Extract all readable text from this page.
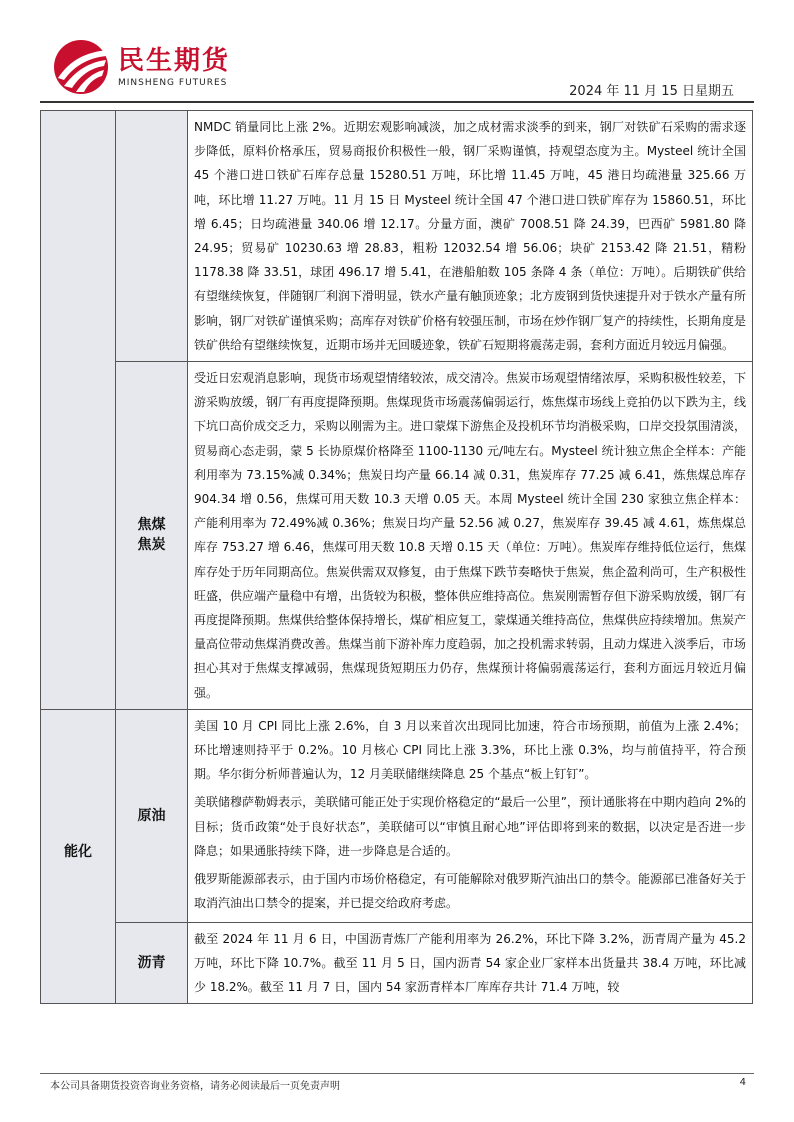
民生期货
MINSHENG FUTURES
2024 年 11 月 15 日星期五

		NMDC 销量同比上涨 2%。近期宏观影响减淡，加之成材需求淡季的到来，钢厂对铁矿石采购的需求逐步降低，原料价格承压，贸易商报价积极性一般，钢厂采购谨慎，持观望态度为主。Mysteel 统计全国 45 个港口进口铁矿石库存总量 15280.51 万吨，环比增 11.45 万吨，45 港日均疏港量 325.66 万吨，环比增 11.27 万吨。11 月 15 日 Mysteel 统计全国 47 个港口进口铁矿库存为 15860.51，环比增 6.45；日均疏港量 340.06 增 12.17。分量方面，澳矿 7008.51 降 24.39，巴西矿 5981.80 降 24.95；贸易矿 10230.63 增 28.83，粗粉 12032.54 增 56.06；块矿 2153.42 降 21.51，精粉 1178.38 降 33.51，球团 496.17 增 5.41，在港船舶数 105 条降 4 条（单位：万吨）。后期铁矿供给有望继续恢复，伴随钢厂利润下滑明显，铁水产量有触顶迹象；北方废钢到货快速提升对于铁水产量有所影响，钢厂对铁矿谨慎采购；高库存对铁矿价格有较强压制，市场在炒作钢厂复产的持续性，长期角度是铁矿供给有望继续恢复，近期市场并无回暖迹象，铁矿石短期将震荡走弱，套利方面近月较远月偏强。

	焦煤
焦炭	受近日宏观消息影响，现货市场观望情绪较浓，成交清冷。焦炭市场观望情绪浓厚，采购积极性较差，下游采购放缓，钢厂有再度提降预期。焦煤现货市场震荡偏弱运行，炼焦煤市场线上竞拍仍以下跌为主，线下坑口高价成交乏力，采购以刚需为主。进口蒙煤下游焦企及投机环节均消极采购，口岸交投氛围清淡，贸易商心态走弱，蒙 5 长协原煤价格降至 1100-1130 元/吨左右。Mysteel 统计独立焦企全样本：产能利用率为 73.15%减 0.34%；焦炭日均产量 66.14 减 0.31，焦炭库存 77.25 减 6.41，炼焦煤总库存 904.34 增 0.56，焦煤可用天数 10.3 天增 0.05 天。本周 Mysteel 统计全国 230 家独立焦企样本：产能利用率为 72.49%减 0.36%；焦炭日均产量 52.56 减 0.27，焦炭库存 39.45 减 4.61，炼焦煤总库存 753.27 增 6.46，焦煤可用天数 10.8 天增 0.15 天（单位：万吨）。焦炭库存维持低位运行，焦煤库存处于历年同期高位。焦炭供需双双修复，由于焦煤下跌节奏略快于焦炭，焦企盈利尚可，生产积极性旺盛，供应端产量稳中有增，出货较为积极，整体供应维持高位。焦炭刚需暂存但下游采购放缓，钢厂有再度提降预期。焦煤供给整体保持增长，煤矿相应复工，蒙煤通关维持高位，焦煤供应持续增加。焦炭产量高位带动焦煤消费改善。焦煤当前下游补库力度趋弱，加之投机需求转弱，且动力煤进入淡季后，市场担心其对于焦煤支撑减弱，焦煤现货短期压力仍存，焦煤预计将偏弱震荡运行，套利方面远月较近月偏强。

能化	原油	美国 10 月 CPI 同比上涨 2.6%，自 3 月以来首次出现同比加速，符合市场预期，前值为上涨 2.4%；环比增速则持平于 0.2%。10 月核心 CPI 同比上涨 3.3%，环比上涨 0.3%，均与前值持平，符合预期。华尔街分析师普遍认为，12 月美联储继续降息 25 个基点“板上钉钉”。

美联储穆萨勒姆表示，美联储可能正处于实现价格稳定的“最后一公里”，预计通胀将在中期内趋向 2%的目标；货币政策“处于良好状态”，美联储可以“审慎且耐心地”评估即将到来的数据，以决定是否进一步降息；如果通胀持续下降，进一步降息是合适的。

俄罗斯能源部表示，由于国内市场价格稳定，有可能解除对俄罗斯汽油出口的禁令。能源部已准备好关于取消汽油出口禁令的提案，并已提交给政府考虑。

	沥青	截至 2024 年 11 月 6 日，中国沥青炼厂产能利用率为 26.2%，环比下降 3.2%，沥青周产量为 45.2 万吨，环比下降 10.7%。截至 11 月 5 日，国内沥青 54 家企业厂家样本出货量共 38.4 万吨，环比减少 18.2%。截至 11 月 7 日，国内 54 家沥青样本厂库库存共计 71.4 万吨，较

本公司具备期货投资咨询业务资格，请务必阅读最后一页免责声明	4
